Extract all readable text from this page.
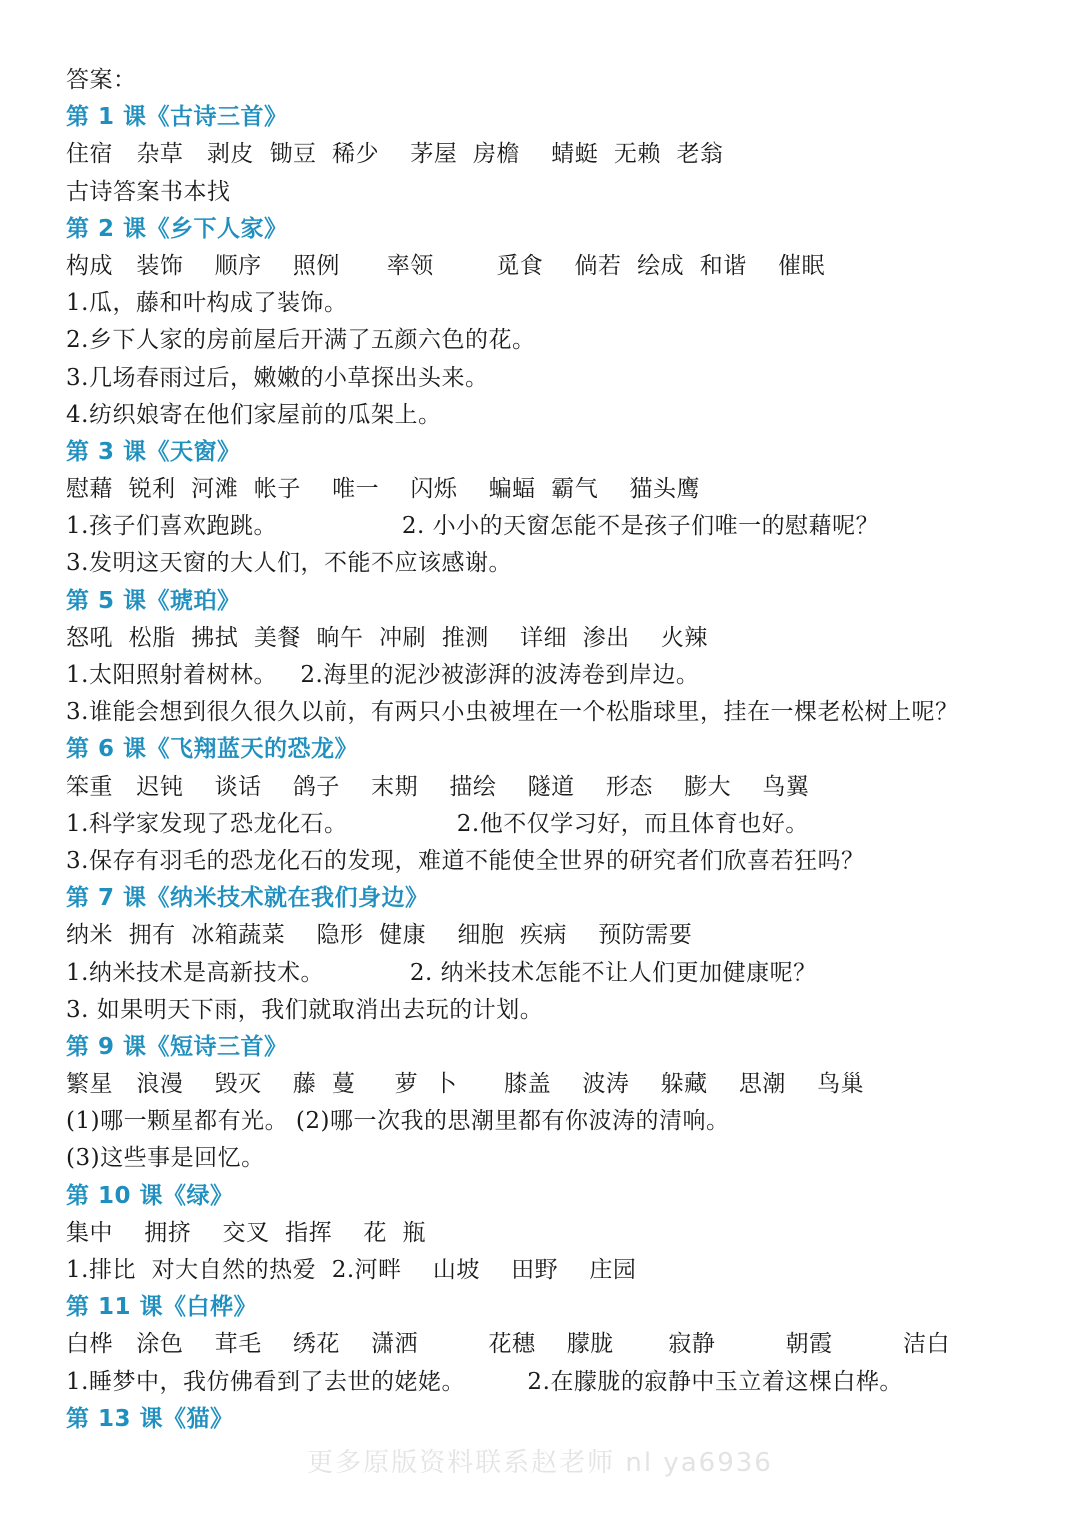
答案：
第 1 课《古诗三首》
住宿   杂草   剥皮  锄豆  稀少    茅屋  房檐    蜻蜓  无赖  老翁
古诗答案书本找
第 2 课《乡下人家》
构成   装饰    顺序    照例      率领        觅食    倘若  绘成  和谐    催眠
1.瓜，藤和叶构成了装饰。
2.乡下人家的房前屋后开满了五颜六色的花。
3.几场春雨过后，嫩嫩的小草探出头来。
4.纺织娘寄在他们家屋前的瓜架上。
第 3 课《天窗》
慰藉  锐利  河滩  帐子    唯一    闪烁    蝙蝠  霸气    猫头鹰
1.孩子们喜欢跑跳。                2. 小小的天窗怎能不是孩子们唯一的慰藉呢？
3.发明这天窗的大人们，不能不应该感谢。
第 5 课《琥珀》
怒吼  松脂  拂拭  美餐  晌午  冲刷  推测    详细  渗出    火辣
1.太阳照射着树林。   2.海里的泥沙被澎湃的波涛卷到岸边。
3.谁能会想到很久很久以前，有两只小虫被埋在一个松脂球里，挂在一棵老松树上呢？
第 6 课《飞翔蓝天的恐龙》
笨重   迟钝    谈话    鸽子    末期    描绘    隧道    形态    膨大    鸟翼
1.科学家发现了恐龙化石。              2.他不仅学习好，而且体育也好。
3.保存有羽毛的恐龙化石的发现，难道不能使全世界的研究者们欣喜若狂吗？
第 7 课《纳米技术就在我们身边》
纳米  拥有  冰箱蔬菜    隐形  健康    细胞  疾病    预防需要
1.纳米技术是高新技术。           2. 纳米技术怎能不让人们更加健康呢？
3. 如果明天下雨，我们就取消出去玩的计划。
第 9 课《短诗三首》
繁星   浪漫    毁灭    藤  蔓     萝  卜      膝盖    波涛    躲藏    思潮    鸟巢
(1)哪一颗星都有光。 (2)哪一次我的思潮里都有你波涛的清响。
(3)这些事是回忆。
第 10 课《绿》
集中    拥挤    交叉  指挥    花  瓶
1.排比  对大自然的热爱  2.河畔    山坡    田野    庄园
第 11 课《白桦》
白桦   涂色    茸毛    绣花    潇洒         花穗    朦胧       寂静         朝霞         洁白
1.睡梦中，我仿佛看到了去世的姥姥。        2.在朦胧的寂静中玉立着这棵白桦。
第 13 课《猫》
更多原版资料联系赵老师 nl ya6936
